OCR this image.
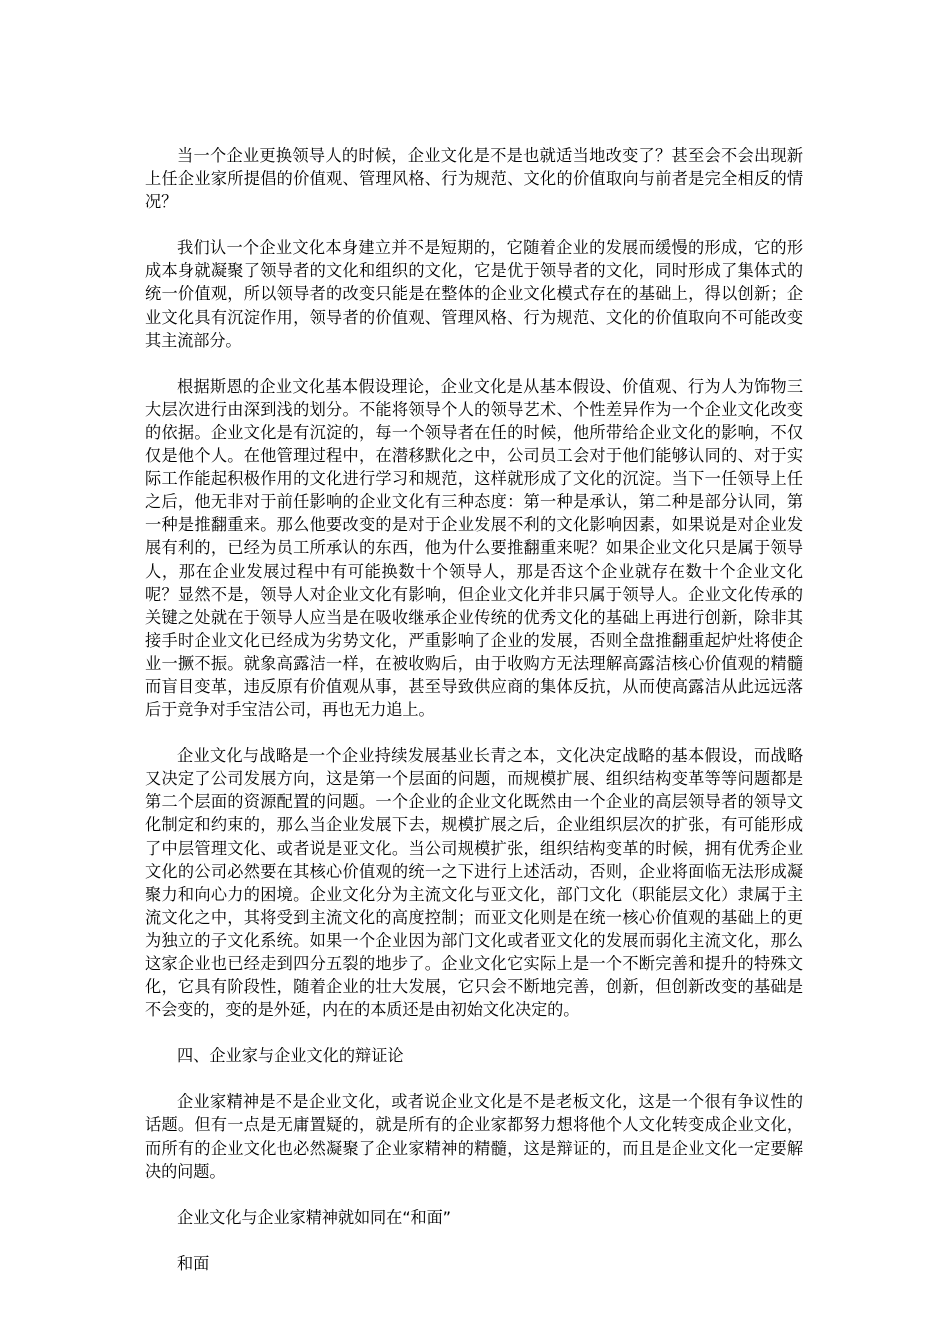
当一个企业更换领导人的时候，企业文化是不是也就适当地改变了？甚至会不会出现新上任企业家所提倡的价值观、管理风格、行为规范、文化的价值取向与前者是完全相反的情况？

我们认一个企业文化本身建立并不是短期的，它随着企业的发展而缓慢的形成，它的形成本身就凝聚了领导者的文化和组织的文化，它是优于领导者的文化，同时形成了集体式的统一价值观，所以领导者的改变只能是在整体的企业文化模式存在的基础上，得以创新；企业文化具有沉淀作用，领导者的价值观、管理风格、行为规范、文化的价值取向不可能改变其主流部分。

根据斯恩的企业文化基本假设理论，企业文化是从基本假设、价值观、行为人为饰物三大层次进行由深到浅的划分。不能将领导个人的领导艺术、个性差异作为一个企业文化改变的依据。企业文化是有沉淀的，每一个领导者在任的时候，他所带给企业文化的影响，不仅仅是他个人。在他管理过程中，在潜移默化之中，公司员工会对于他们能够认同的、对于实际工作能起积极作用的文化进行学习和规范，这样就形成了文化的沉淀。当下一任领导上任之后，他无非对于前任影响的企业文化有三种态度：第一种是承认，第二种是部分认同，第一种是推翻重来。那么他要改变的是对于企业发展不利的文化影响因素，如果说是对企业发展有利的，已经为员工所承认的东西，他为什么要推翻重来呢？如果企业文化只是属于领导人，那在企业发展过程中有可能换数十个领导人，那是否这个企业就存在数十个企业文化呢？显然不是，领导人对企业文化有影响，但企业文化并非只属于领导人。企业文化传承的关键之处就在于领导人应当是在吸收继承企业传统的优秀文化的基础上再进行创新，除非其接手时企业文化已经成为劣势文化，严重影响了企业的发展，否则全盘推翻重起炉灶将使企业一撅不振。就象高露洁一样，在被收购后，由于收购方无法理解高露洁核心价值观的精髓而盲目变革，违反原有价值观从事，甚至导致供应商的集体反抗，从而使高露洁从此远远落后于竞争对手宝洁公司，再也无力追上。

企业文化与战略是一个企业持续发展基业长青之本，文化决定战略的基本假设，而战略又决定了公司发展方向，这是第一个层面的问题，而规模扩展、组织结构变革等等问题都是第二个层面的资源配置的问题。一个企业的企业文化既然由一个企业的高层领导者的领导文化制定和约束的，那么当企业发展下去，规模扩展之后，企业组织层次的扩张，有可能形成了中层管理文化、或者说是亚文化。当公司规模扩张，组织结构变革的时候，拥有优秀企业文化的公司必然要在其核心价值观的统一之下进行上述活动，否则，企业将面临无法形成凝聚力和向心力的困境。企业文化分为主流文化与亚文化，部门文化（职能层文化）隶属于主流文化之中，其将受到主流文化的高度控制；而亚文化则是在统一核心价值观的基础上的更为独立的子文化系统。如果一个企业因为部门文化或者亚文化的发展而弱化主流文化，那么这家企业也已经走到四分五裂的地步了。企业文化它实际上是一个不断完善和提升的特殊文化，它具有阶段性，随着企业的壮大发展，它只会不断地完善，创新，但创新改变的基础是不会变的，变的是外延，内在的本质还是由初始文化决定的。

四、企业家与企业文化的辩证论

企业家精神是不是企业文化，或者说企业文化是不是老板文化，这是一个很有争议性的话题。但有一点是无庸置疑的，就是所有的企业家都努力想将他个人文化转变成企业文化，而所有的企业文化也必然凝聚了企业家精神的精髓，这是辩证的，而且是企业文化一定要解决的问题。

企业文化与企业家精神就如同在“和面”

和面
